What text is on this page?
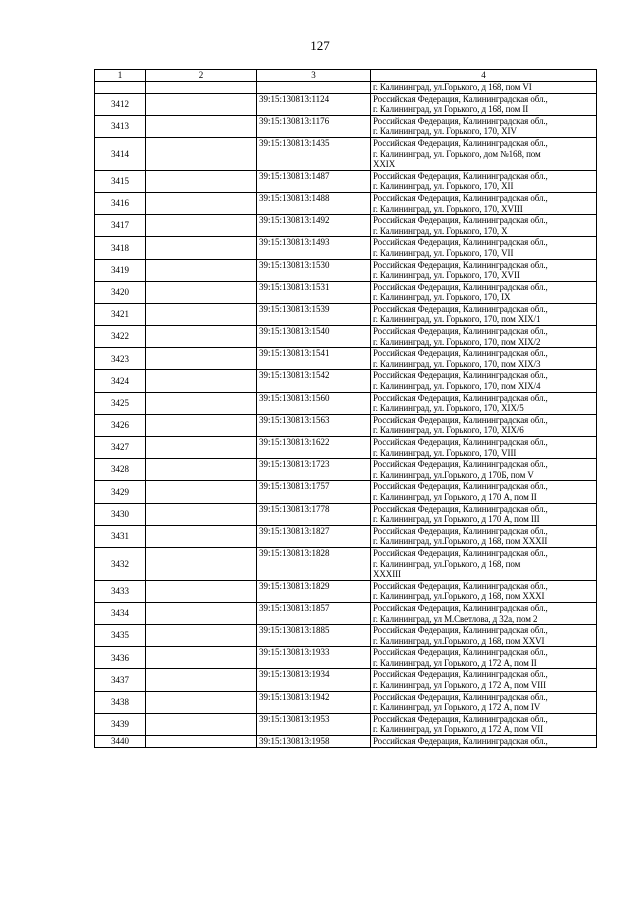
127
1	2	3	4
			г. Калининград, ул.Горького, д 168, пом VI
3412		39:15:130813:1124	Российская Федерация, Калининградская обл.,
г. Калининград, ул Горького, д 168, пом II

3413		39:15:130813:1176	Российская Федерация, Калининградская обл.,
г. Калининград, ул. Горького, 170, XIV

3414		39:15:130813:1435	Российская Федерация, Калининградская обл.,
г. Калининград, ул. Горького, дом №168, пом
XXIX

3415		39:15:130813:1487	Российская Федерация, Калининградская обл.,
г. Калининград, ул. Горького, 170, XII

3416		39:15:130813:1488	Российская Федерация, Калининградская обл.,
г. Калининград, ул. Горького, 170, XVIII

3417		39:15:130813:1492	Российская Федерация, Калининградская обл.,
г. Калининград, ул. Горького, 170, X

3418		39:15:130813:1493	Российская Федерация, Калининградская обл.,
г. Калининград, ул. Горького, 170, VII

3419		39:15:130813:1530	Российская Федерация, Калининградская обл.,
г. Калининград, ул. Горького, 170, XVII

3420		39:15:130813:1531	Российская Федерация, Калининградская обл.,
г. Калининград, ул. Горького, 170, IX

3421		39:15:130813:1539	Российская Федерация, Калининградская обл.,
г. Калининград, ул. Горького, 170, пом XIX/1

3422		39:15:130813:1540	Российская Федерация, Калининградская обл.,
г. Калининград, ул. Горького, 170, пом XIX/2

3423		39:15:130813:1541	Российская Федерация, Калининградская обл.,
г. Калининград, ул. Горького, 170, пом XIX/3

3424		39:15:130813:1542	Российская Федерация, Калининградская обл.,
г. Калининград, ул. Горького, 170, пом XIX/4

3425		39:15:130813:1560	Российская Федерация, Калининградская обл.,
г. Калининград, ул. Горького, 170, XIX/5

3426		39:15:130813:1563	Российская Федерация, Калининградская обл.,
г. Калининград, ул. Горького, 170, XIX/6

3427		39:15:130813:1622	Российская Федерация, Калининградская обл.,
г. Калининград, ул. Горького, 170, VIII

3428		39:15:130813:1723	Российская Федерация, Калининградская обл.,
г. Калининград, ул.Горького, д 170Б, пом V

3429		39:15:130813:1757	Российская Федерация, Калининградская обл.,
г. Калининград, ул Горького, д 170 А, пом II

3430		39:15:130813:1778	Российская Федерация, Калининградская обл.,
г. Калининград, ул Горького, д 170 А, пом III

3431		39:15:130813:1827	Российская Федерация, Калининградская обл.,
г. Калининград, ул.Горького, д 168, пом XXXII

3432		39:15:130813:1828	Российская Федерация, Калининградская обл.,
г. Калининград, ул.Горького, д 168, пом
XXXIII

3433		39:15:130813:1829	Российская Федерация, Калининградская обл.,
г. Калининград, ул.Горького, д 168, пом XXXI

3434		39:15:130813:1857	Российская Федерация, Калининградская обл.,
г. Калининград, ул М.Светлова, д 32а, пом 2

3435		39:15:130813:1885	Российская Федерация, Калининградская обл.,
г. Калининград, ул.Горького, д 168, пом XXVI

3436		39:15:130813:1933	Российская Федерация, Калининградская обл.,
г. Калининград, ул Горького, д 172 А, пом II

3437		39:15:130813:1934	Российская Федерация, Калининградская обл.,
г. Калининград, ул Горького, д 172 А, пом VIII

3438		39:15:130813:1942	Российская Федерация, Калининградская обл.,
г. Калининград, ул Горького, д 172 А, пом IV

3439		39:15:130813:1953	Российская Федерация, Калининградская обл.,
г. Калининград, ул Горького, д 172 А, пом VII

3440		39:15:130813:1958	Российская Федерация, Калининградская обл.,
